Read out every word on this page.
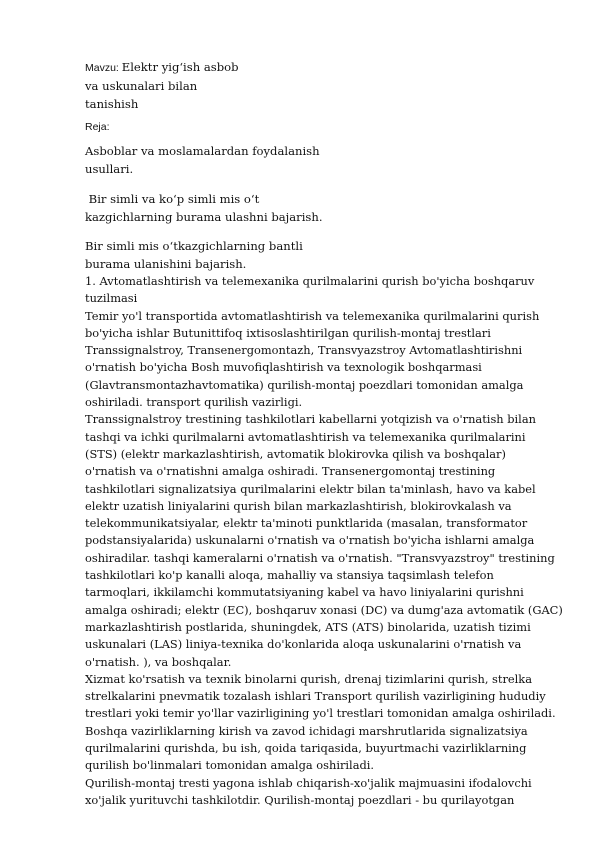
Mavzu: Elektr yig‘ish asbob
va uskunalari bilan
tanishish
Reja:
Asboblar va moslamalardan foydalanish
usullari.
Bir simli va ko‘p simli mis o‘t
kazgichlarning burama ulashni bajarish.
Bir simli mis o‘tkazgichlarning bantli
burama ulanishini bajarish.
1. Avtomatlashtirish va telemexanika qurilmalarini qurish bo'yicha boshqaruv
tuzilmasi
Temir yo'l transportida avtomatlashtirish va telemexanika qurilmalarini qurish
bo'yicha ishlar Butunittifoq ixtisoslashtirilgan qurilish-montaj trestlari
Transsignalstroy, Transenergomontazh, Transvyazstroy Avtomatlashtirishni
o'rnatish bo'yicha Bosh muvofiqlashtirish va texnologik boshqarmasi
(Glavtransmontazhavtomatika) qurilish-montaj poezdlari tomonidan amalga
oshiriladi. transport qurilish vazirligi.
Transsignalstroy trestining tashkilotlari kabellarni yotqizish va o'rnatish bilan
tashqi va ichki qurilmalarni avtomatlashtirish va telemexanika qurilmalarini
(STS) (elektr markazlashtirish, avtomatik blokirovka qilish va boshqalar)
o'rnatish va o'rnatishni amalga oshiradi. Transenergomontaj trestining
tashkilotlari signalizatsiya qurilmalarini elektr bilan ta'minlash, havo va kabel
elektr uzatish liniyalarini qurish bilan markazlashtirish, blokirovkalash va
telekommunikatsiyalar, elektr ta'minoti punktlarida (masalan, transformator
podstansiyalarida) uskunalarni o'rnatish va o'rnatish bo'yicha ishlarni amalga
oshiradilar. tashqi kameralarni o'rnatish va o'rnatish. "Transvyazstroy" trestining
tashkilotlari ko'p kanalli aloqa, mahalliy va stansiya taqsimlash telefon
tarmoqlari, ikkilamchi kommutatsiyaning kabel va havo liniyalarini qurishni
amalga oshiradi; elektr (EC), boshqaruv xonasi (DC) va dumg'aza avtomatik (GAC)
markazlashtirish postlarida, shuningdek, ATS (ATS) binolarida, uzatish tizimi
uskunalari (LAS) liniya-texnika do'konlarida aloqa uskunalarini o'rnatish va
o'rnatish. ), va boshqalar.
Xizmat ko'rsatish va texnik binolarni qurish, drenaj tizimlarini qurish, strelka
strelkalarini pnevmatik tozalash ishlari Transport qurilish vazirligining hududiy
trestlari yoki temir yo'llar vazirligining yo'l trestlari tomonidan amalga oshiriladi.
Boshqa vazirliklarning kirish va zavod ichidagi marshrutlarida signalizatsiya
qurilmalarini qurishda, bu ish, qoida tariqasida, buyurtmachi vazirliklarning
qurilish bo'linmalari tomonidan amalga oshiriladi.
Qurilish-montaj tresti yagona ishlab chiqarish-xo'jalik majmuasini ifodalovchi
xo'jalik yurituvchi tashkilotdir. Qurilish-montaj poezdlari - bu qurilayotgan
